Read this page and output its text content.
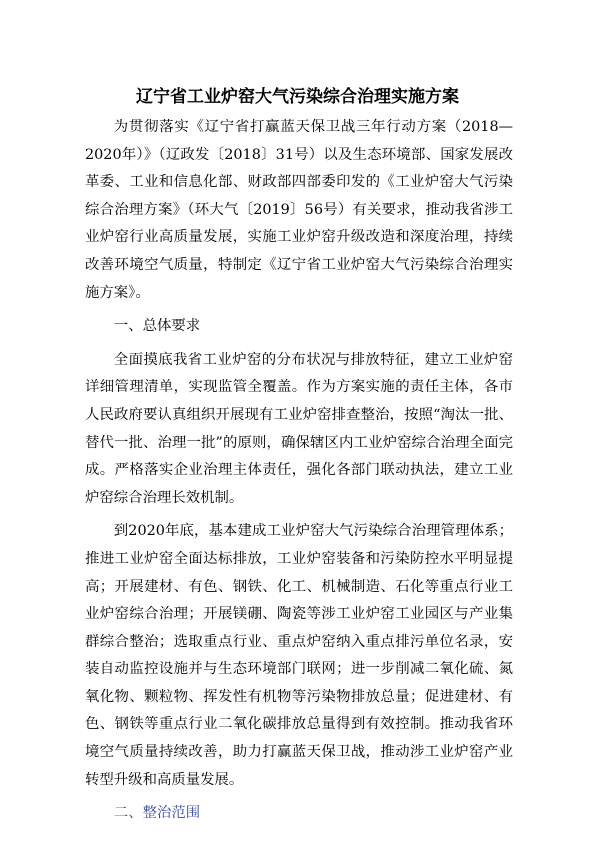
辽宁省工业炉窑大气污染综合治理实施方案

为贯彻落实《辽宁省打赢蓝天保卫战三年行动方案（2018—2020年）》（辽政发〔2018〕31号）以及生态环境部、国家发展改革委、工业和信息化部、财政部四部委印发的《工业炉窑大气污染综合治理方案》（环大气〔2019〕56号）有关要求，推动我省涉工业炉窑行业高质量发展，实施工业炉窑升级改造和深度治理，持续改善环境空气质量，特制定《辽宁省工业炉窑大气污染综合治理实施方案》。

一、总体要求

全面摸底我省工业炉窑的分布状况与排放特征，建立工业炉窑详细管理清单，实现监管全覆盖。作为方案实施的责任主体，各市人民政府要认真组织开展现有工业炉窑排查整治，按照“淘汰一批、替代一批、治理一批”的原则，确保辖区内工业炉窑综合治理全面完成。严格落实企业治理主体责任，强化各部门联动执法，建立工业炉窑综合治理长效机制。

到2020年底，基本建成工业炉窑大气污染综合治理管理体系；推进工业炉窑全面达标排放，工业炉窑装备和污染防控水平明显提高；开展建材、有色、钢铁、化工、机械制造、石化等重点行业工业炉窑综合治理；开展镁硼、陶瓷等涉工业炉窑工业园区与产业集群综合整治；选取重点行业、重点炉窑纳入重点排污单位名录，安装自动监控设施并与生态环境部门联网；进一步削减二氧化硫、氮氧化物、颗粒物、挥发性有机物等污染物排放总量；促进建材、有色、钢铁等重点行业二氧化碳排放总量得到有效控制。推动我省环境空气质量持续改善，助力打赢蓝天保卫战，推动涉工业炉窑产业转型升级和高质量发展。

二、整治范围
